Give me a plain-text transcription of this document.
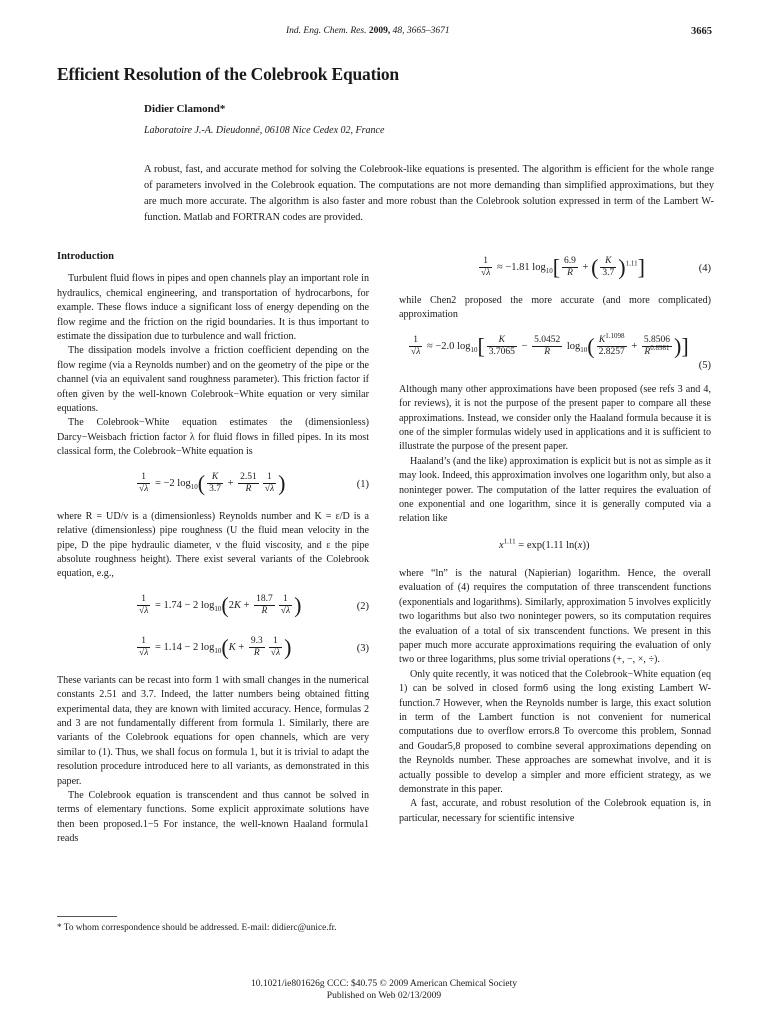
Ind. Eng. Chem. Res. 2009, 48, 3665–3671	3665
Efficient Resolution of the Colebrook Equation
Didier Clamond*
Laboratoire J.-A. Dieudonné, 06108 Nice Cedex 02, France
A robust, fast, and accurate method for solving the Colebrook-like equations is presented. The algorithm is efficient for the whole range of parameters involved in the Colebrook equation. The computations are not more demanding than simplified approximations, but they are much more accurate. The algorithm is also faster and more robust than the Colebrook solution expressed in term of the Lambert W-function. Matlab and FORTRAN codes are provided.
Introduction

Turbulent fluid flows in pipes and open channels play an important role in hydraulics, chemical engineering, and transportation of hydrocarbons, for example. These flows induce a significant loss of energy depending on the flow regime and the friction on the rigid boundaries. It is thus important to estimate the dissipation due to turbulence and wall friction.

The dissipation models involve a friction coefficient depending on the flow regime (via a Reynolds number) and on the geometry of the pipe or the channel (via an equivalent sand roughness parameter). This friction factor if often given by the well-known Colebrook−White equation or very similar equations.

The Colebrook−White equation estimates the (dimensionless) Darcy−Weisbach friction factor λ for fluid flows in filled pipes. In its most classical form, the Colebrook−White equation is

$\frac{1}{√\lambda} = -2$ $\log_{10}( \frac{K}{3.7} + \frac{2.51}{R} \frac{1}{√\lambda}$ )	(1)

where R = UD/ν is a (dimensionless) Reynolds number and K = ε/D is a relative (dimensionless) pipe roughness (U the fluid mean velocity in the pipe, D the pipe hydraulic diameter, ν the fluid viscosity, and ε the pipe absolute roughness height). There exist several variants of the Colebrook equation, e.g.,

$\frac{1}{√\lambda} = 1.74 - 2$ $\log_{10}(2K + \frac{18.7}{R} \frac{1}{√\lambda}$ )	(2)
$\frac{1}{√\lambda} = 1.14 - 2$ $\log_{10}(K + \frac{9.3}{R} \frac{1}{√\lambda}$ )	(3)

These variants can be recast into form 1 with small changes in the numerical constants 2.51 and 3.7. Indeed, the latter numbers being obtained fitting experimental data, they are known with limited accuracy. Hence, formulas 2 and 3 are not fundamentally different from formula 1. Similarly, there are variants of the Colebrook equations for open channels, which are very similar to (1). Thus, we shall focus on formula 1, but it is trivial to adapt the resolution procedure introduced here to all variants, as demonstrated in this paper.

The Colebrook equation is transcendent and thus cannot be solved in terms of elementary functions. Some explicit approximate solutions have then been proposed.1−5 For instance, the well-known Haaland formula1 reads

* To whom correspondence should be addressed. E-mail: didierc@unice.fr.
$\frac{1}{√\lambda} \approx -1.81$ $\log_{10}[ \frac{6.9}{R}$ + ( $\frac{K}{3.7} )^{1.11}$]	(4)

while Chen2 proposed the more accurate (and more complicated) approximation

$\frac{1}{√\lambda} \approx -2.0$ $\log_{10}[ \frac{K}{3.7065} - \frac{5.0452}{R} \log_{10}( \frac{K^{1.1098}}{2.8257} + \frac{5.8506}{R^{0.8981}}$ )]
(5)

Although many other approximations have been proposed (see refs 3 and 4, for reviews), it is not the purpose of the present paper to compare all these approximations. Instead, we consider only the Haaland formula because it is one of the simpler formulas widely used in applications and it is sufficient to illustrate the purpose of the present paper.

Haaland’s (and the like) approximation is explicit but is not as simple as it may look. Indeed, this approximation involves one logarithm only, but also a noninteger power. The computation of the latter requires the evaluation of one exponential and one logarithm, since it is generally computed via a relation like

$x^{1.11} = \exp(1.11$ ln(x))

where “ln” is the natural (Napierian) logarithm. Hence, the overall evaluation of (4) requires the computation of three transcendent functions (exponentials and logarithms). Similarly, approximation 5 involves explicitly two logarithms but also two noninteger powers, so its computation requires the evaluation of a total of six transcendent functions. We present in this paper much more accurate approximations requiring the evaluation of only two or three logarithms, plus some trivial operations (+, −, ×, ÷).

Only quite recently, it was noticed that the Colebrook−White equation (eq 1) can be solved in closed form6 using the long existing Lambert W-function.7 However, when the Reynolds number is large, this exact solution in term of the Lambert function is not convenient for numerical computations due to overflow errors.8 To overcome this problem, Sonnad and Goudar5,8 proposed to combine several approximations depending on the Reynolds number. These approaches are somewhat involve, and it is actually possible to develop a simpler and more efficient strategy, as we demonstrate in this paper.

A fast, accurate, and robust resolution of the Colebrook equation is, in particular, necessary for scientific intensive

10.1021/ie801626g CCC: $40.75 © 2009 American Chemical Society
Published on Web 02/13/2009
